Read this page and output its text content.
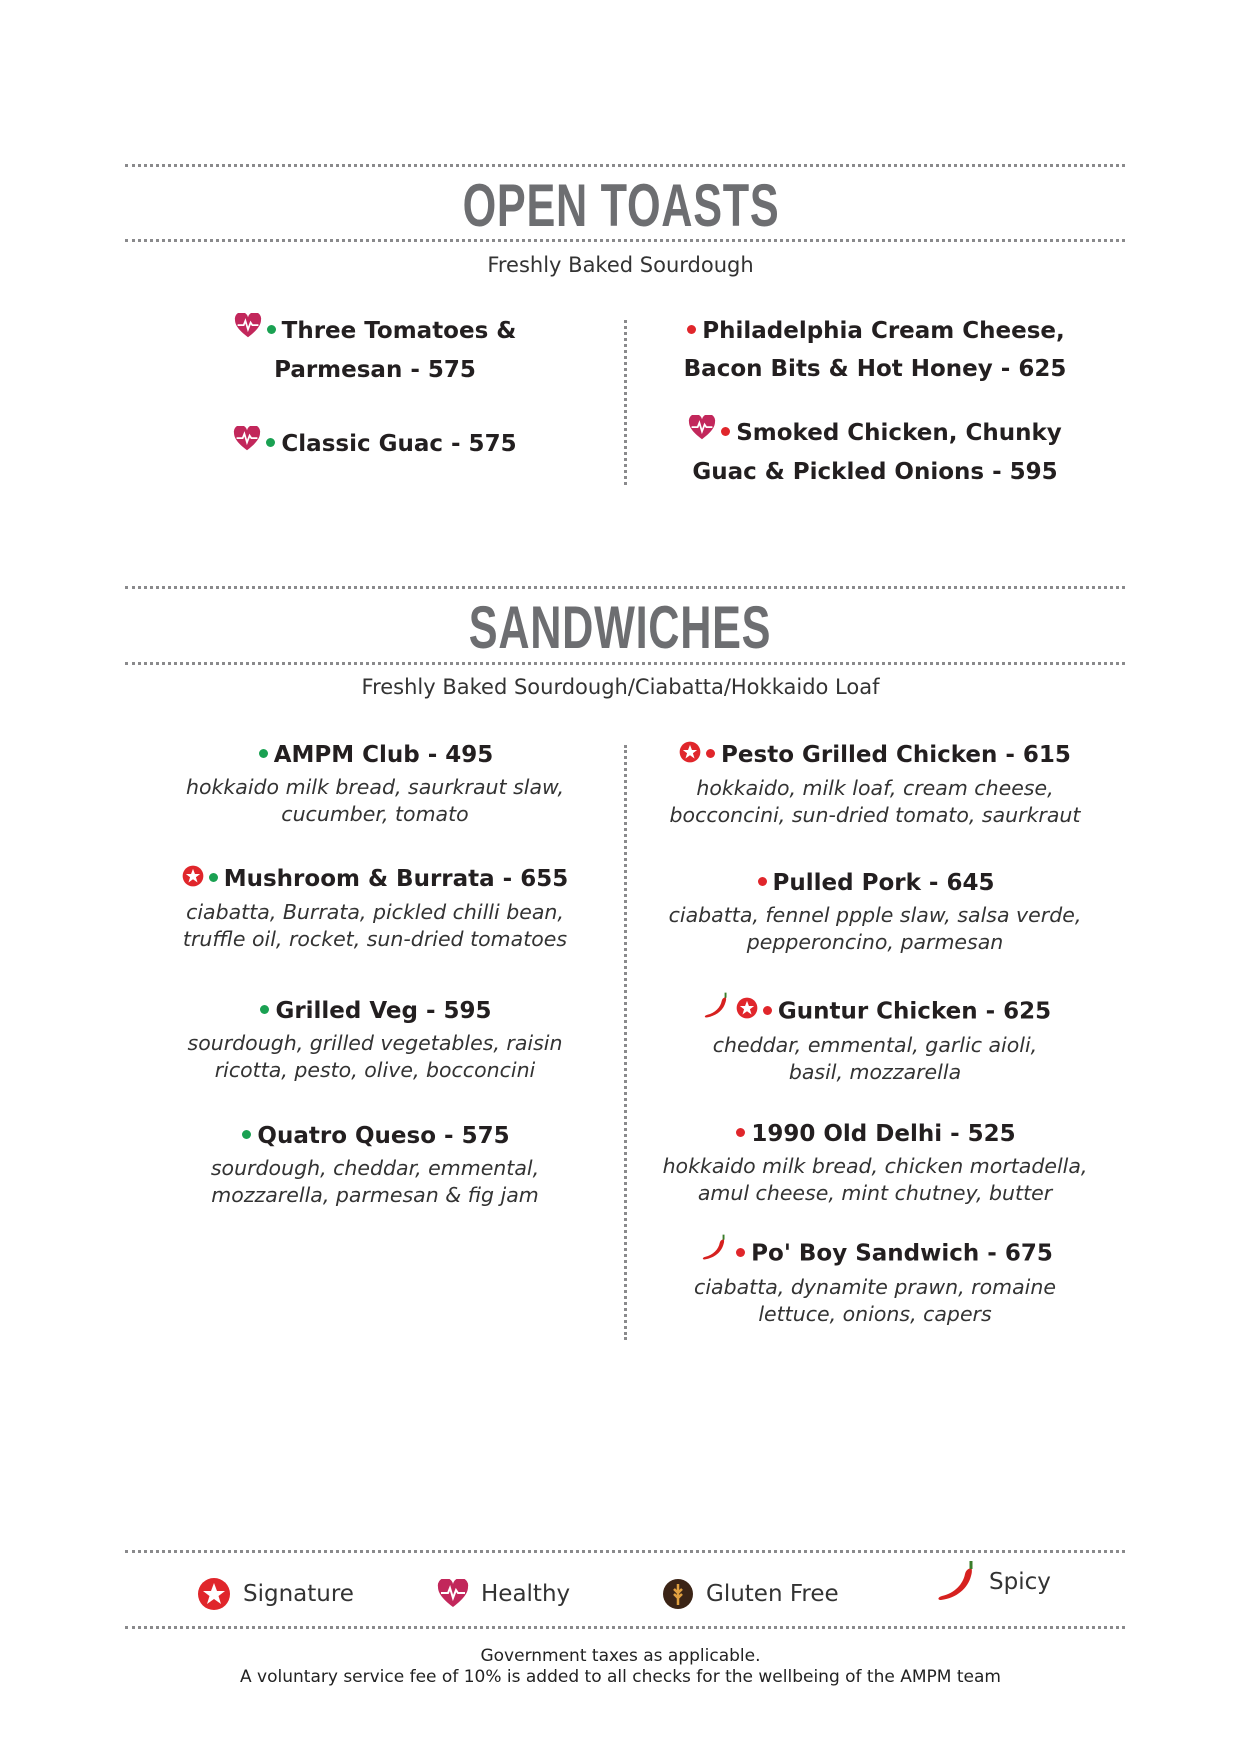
OPEN TOASTS
Freshly Baked Sourdough
Three Tomatoes &
Parmesan - 575
Classic Guac - 575
Philadelphia Cream Cheese,
Bacon Bits & Hot Honey - 625
Smoked Chicken, Chunky
Guac & Pickled Onions - 595
SANDWICHES
Freshly Baked Sourdough/Ciabatta/Hokkaido Loaf
AMPM Club - 495
hokkaido milk bread, saurkraut slaw,
cucumber, tomato
Mushroom & Burrata - 655
ciabatta, Burrata, pickled chilli bean,
truffle oil, rocket, sun-dried tomatoes
Grilled Veg - 595
sourdough, grilled vegetables, raisin
ricotta, pesto, olive, bocconcini
Quatro Queso - 575
sourdough, cheddar, emmental,
mozzarella, parmesan & fig jam
Pesto Grilled Chicken - 615
hokkaido, milk loaf, cream cheese,
bocconcini, sun-dried tomato, saurkraut
Pulled Pork - 645
ciabatta, fennel ppple slaw, salsa verde,
pepperoncino, parmesan
Guntur Chicken - 625
cheddar, emmental, garlic aioli,
basil, mozzarella
1990 Old Delhi - 525
hokkaido milk bread, chicken mortadella,
amul cheese, mint chutney, butter
Po' Boy Sandwich - 675
ciabatta, dynamite prawn, romaine
lettuce, onions, capers
Signature	Healthy	Gluten Free	Spicy
Government taxes as applicable.
A voluntary service fee of 10% is added to all checks for the wellbeing of the AMPM team
